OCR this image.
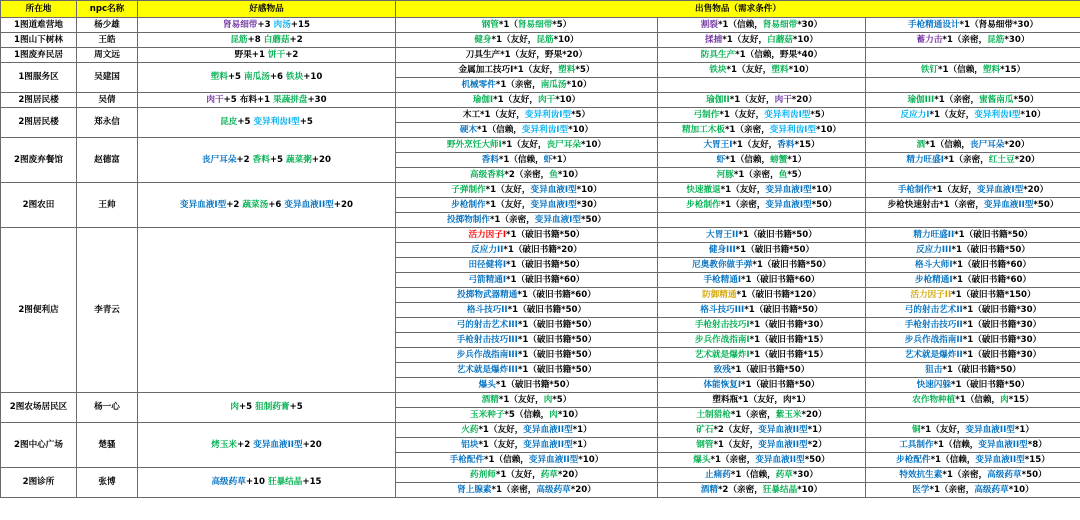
所在地	npc名称	好感物品	出售物品（需求条件）		
1图道难营地	杨少雄	肾易细带+3 肉汤+15	钢管*1（肾易细带*5）	割裂*1（信赖，肾易细带*30）	手枪精通设计*1（肾易细带*30）
1图山下树林	王皓	昆筋+8 白蘑菇+2	健身*1（友好，昆筋*10）	揉捕*1（友好，白蘑菇*10）	蓄力击*1（亲密，昆筋*30）
1图废弃民居	周文远	野果+1 饼干+2	刀具生产*1（友好，野果*20）	防具生产*1（信赖，野果*40）	
1图服务区	吴建国	塑料+5 南瓜汤+6 铁块+10	金属加工技巧I*1（友好，塑料*5）	铁块*1（友好，塑料*10）	铁钉*1（信赖，塑料*15）
			机械零件*1（亲密，南瓜汤*10）		
2图居民楼	吴倩	肉干+5 布料+1 果蔬拼盘+30	瑜伽I*1（友好，肉干*10）	瑜伽II*1（友好，肉干*20）	瑜伽III*1（亲密，蜜酱南瓜*50）
2图居民楼	郑永信	昆皮+5 变异利齿I型+5	木工*1（友好，变异利齿I型*5）	弓制作*1（友好，变异利齿I型*5）	反应力I*1（友好，变异利齿I型*10）
			硬木*1（信赖，变异利齿I型*10）	精加工木板*1（亲密，变异利齿I型*10）	
2图废弃餐馆	赵德富	丧尸耳朵+2 香料+5 蔬菜粥+20	野外烹饪大师I*1（友好，丧尸耳朵*10）	大胃王I*1（友好，香料*15）	酒*1（信赖，丧尸耳朵*20）
			香料*1（信赖，虾*1）	虾*1（信赖，螃蟹*1）	精力旺盛I*1（亲密，红土豆*20）
			高级香料*2（亲密，鱼*10）	河豚*1（亲密，鱼*5）	
2图农田	王帅	变异血液I型+2 蔬菜汤+6 变异血液II型+20	子弹制作*1（友好，变异血液I型*10）	快速撤退*1（友好，变异血液I型*10）	手枪制作*1（友好，变异血液I型*20）
			步枪制作*1（友好，变异血液I型*30）	步枪制作*1（亲密，变异血液I型*50）	步枪快速射击*1（亲密，变异血液II型*50）
			投掷物制作*1（亲密，变异血液I型*50）		
2图便利店	李青云		活力因子I*1（破旧书籍*50）	大胃王II*1（破旧书籍*50）	精力旺盛II*1（破旧书籍*50）
			反应力II*1（破旧书籍*20）	健身III*1（破旧书籍*50）	反应力III*1（破旧书籍*50）
			田径健将I*1（破旧书籍*50）	尼奥教你做手弹*1（破旧书籍*50）	格斗大师I*1（破旧书籍*60）
			弓箭精通I*1（破旧书籍*60）	手枪精通I*1（破旧书籍*60）	步枪精通I*1（破旧书籍*60）
			投掷物武器精通*1（破旧书籍*60）	防御精通*1（破旧书籍*120）	活力因子II*1（破旧书籍*150）
			格斗技巧II*1（破旧书籍*50）	格斗技巧III*1（破旧书籍*50）	弓的射击艺术II*1（破旧书籍*30）
			弓的射击艺术III*1（破旧书籍*50）	手枪射击技巧I*1（破旧书籍*30）	手枪射击技巧II*1（破旧书籍*30）
			手枪射击技巧III*1（破旧书籍*50）	步兵作战指南I*1（破旧书籍*15）	步兵作战指南II*1（破旧书籍*30）
			步兵作战指南III*1（破旧书籍*50）	艺术就是爆炸I*1（破旧书籍*15）	艺术就是爆炸II*1（破旧书籍*30）
			艺术就是爆炸III*1（破旧书籍*50）	致残*1（破旧书籍*50）	狙击*1（破旧书籍*50）
			爆头*1（破旧书籍*50）	体能恢复I*1（破旧书籍*50）	快速闪躲*1（破旧书籍*50）
2图农场居民区	杨一心	肉+5 狙制药膏+5	酒精*1（友好，肉*5）	塑料瓶*1（友好，肉*1）	农作物种植*1（信赖，肉*15）
			玉米种子*5（信赖，肉*10）	土制猎枪*1（亲密，紫玉米*20）	
2图中心广场	楚骚	烤玉米+2 变异血液II型+20	火药*1（友好，变异血液II型*1）	矿石*2（友好，变异血液II型*1）	铜*1（友好，变异血液II型*1）
			铝块*1（友好，变异血液II型*1）	钢管*1（友好，变异血液II型*2）	工具制作*1（信赖，变异血液II型*8）
			手枪配件*1（信赖，变异血液II型*10）	爆头*1（亲密，变异血液II型*50）	步枪配件*1（信赖，变异血液II型*15）
2图诊所	张博	高级药草+10 狂暴结晶+15	药剂师*1（友好，药草*20）	止痛药*1（信赖，药草*30）	特效抗生素*1（亲密，高级药草*50）
			肾上腺素*1（亲密，高级药草*20）	酒精*2（亲密，狂暴结晶*10）	医学*1（亲密，高级药草*10）
